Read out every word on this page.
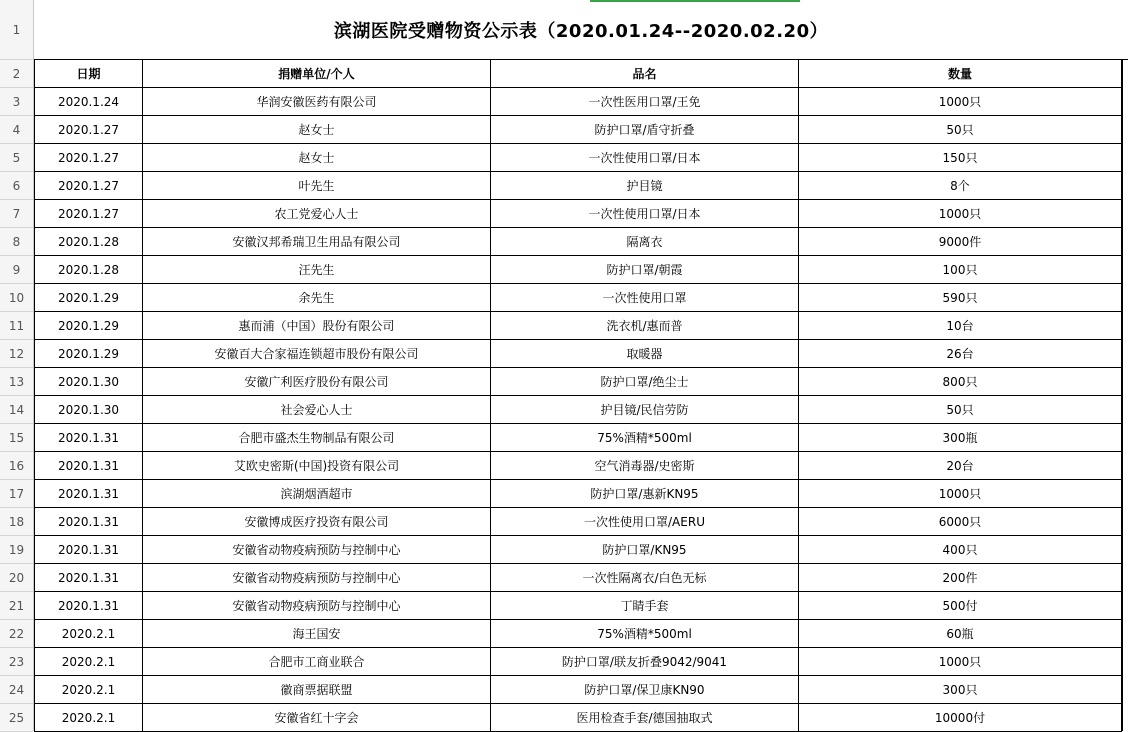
1
2
3
4
5
6
7
8
9
10
11
12
13
14
15
16
17
18
19
20
21
22
23
24
25
滨湖医院受赠物资公示表（2020.01.24--2020.02.20）
日期	捐赠单位/个人	品名	数量
2020.1.24	华润安徽医药有限公司	一次性医用口罩/王免	1000只
2020.1.27	赵女士	防护口罩/盾守折叠	50只
2020.1.27	赵女士	一次性使用口罩/日本	150只
2020.1.27	叶先生	护目镜	8个
2020.1.27	农工党爱心人士	一次性使用口罩/日本	1000只
2020.1.28	安徽汉邦希瑞卫生用品有限公司	隔离衣	9000件
2020.1.28	汪先生	防护口罩/朝霞	100只
2020.1.29	余先生	一次性使用口罩	590只
2020.1.29	惠而浦（中国）股份有限公司	洗衣机/惠而普	10台
2020.1.29	安徽百大合家福连锁超市股份有限公司	取暖器	26台
2020.1.30	安徽广利医疗股份有限公司	防护口罩/绝尘士	800只
2020.1.30	社会爱心人士	护目镜/民信劳防	50只
2020.1.31	合肥市盛杰生物制品有限公司	75%酒精*500ml	300瓶
2020.1.31	艾欧史密斯(中国)投资有限公司	空气消毒器/史密斯	20台
2020.1.31	滨湖烟酒超市	防护口罩/惠新KN95	1000只
2020.1.31	安徽博成医疗投资有限公司	一次性使用口罩/AERU	6000只
2020.1.31	安徽省动物疫病预防与控制中心	防护口罩/KN95	400只
2020.1.31	安徽省动物疫病预防与控制中心	一次性隔离衣/白色无标	200件
2020.1.31	安徽省动物疫病预防与控制中心	丁睛手套	500付
2020.2.1	海王国安	75%酒精*500ml	60瓶
2020.2.1	合肥市工商业联合	防护口罩/联友折叠9042/9041	1000只
2020.2.1	徽商票据联盟	防护口罩/保卫康KN90	300只
2020.2.1	安徽省红十字会	医用检查手套/德国抽取式	10000付
